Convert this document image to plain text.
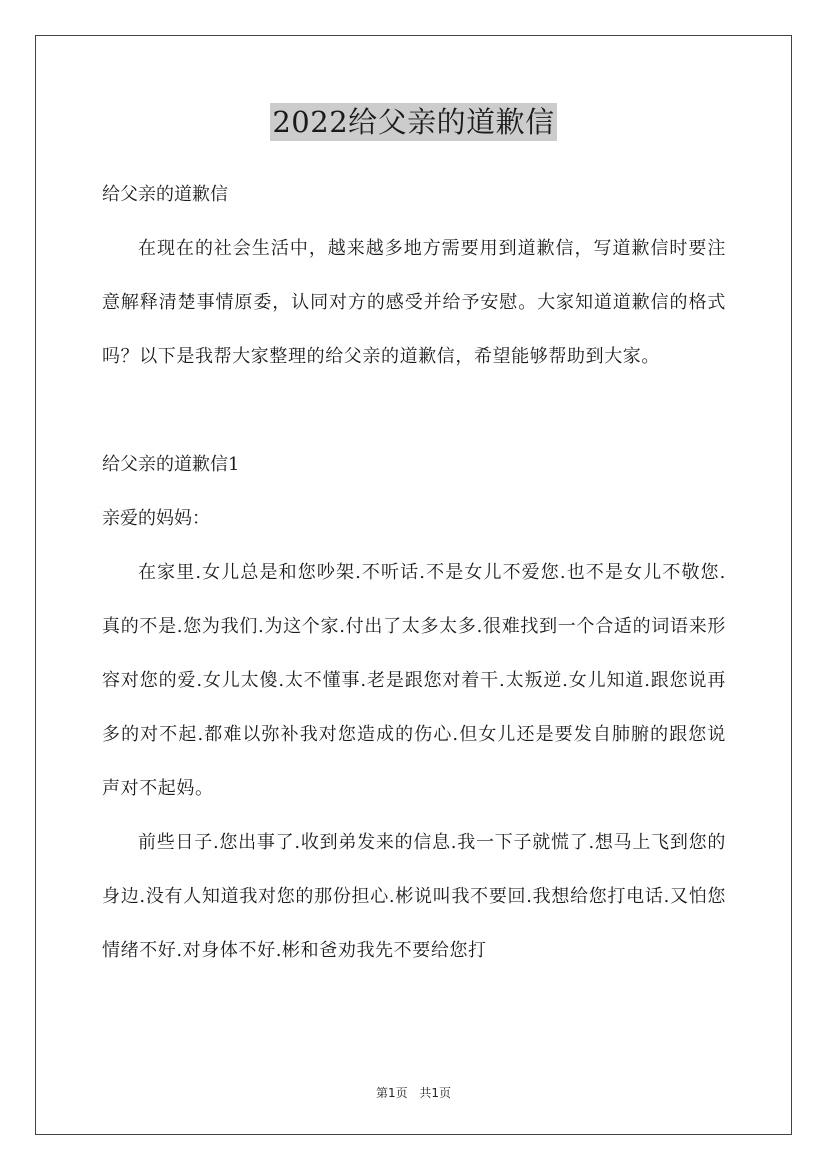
2022给父亲的道歉信

给父亲的道歉信

在现在的社会生活中，越来越多地方需要用到道歉信，写道歉信时要注意解释清楚事情原委，认同对方的感受并给予安慰。大家知道道歉信的格式吗？以下是我帮大家整理的给父亲的道歉信，希望能够帮助到大家。

给父亲的道歉信1

亲爱的妈妈：

在家里.女儿总是和您吵架.不听话.不是女儿不爱您.也不是女儿不敬您.真的不是.您为我们.为这个家.付出了太多太多.很难找到一个合适的词语来形容对您的爱.女儿太傻.太不懂事.老是跟您对着干.太叛逆.女儿知道.跟您说再多的对不起.都难以弥补我对您造成的伤心.但女儿还是要发自肺腑的跟您说声对不起妈。

前些日子.您出事了.收到弟发来的信息.我一下子就慌了.想马上飞到您的身边.没有人知道我对您的那份担心.彬说叫我不要回.我想给您打电话.又怕您情绪不好.对身体不好.彬和爸劝我先不要给您打

第1页 共1页
